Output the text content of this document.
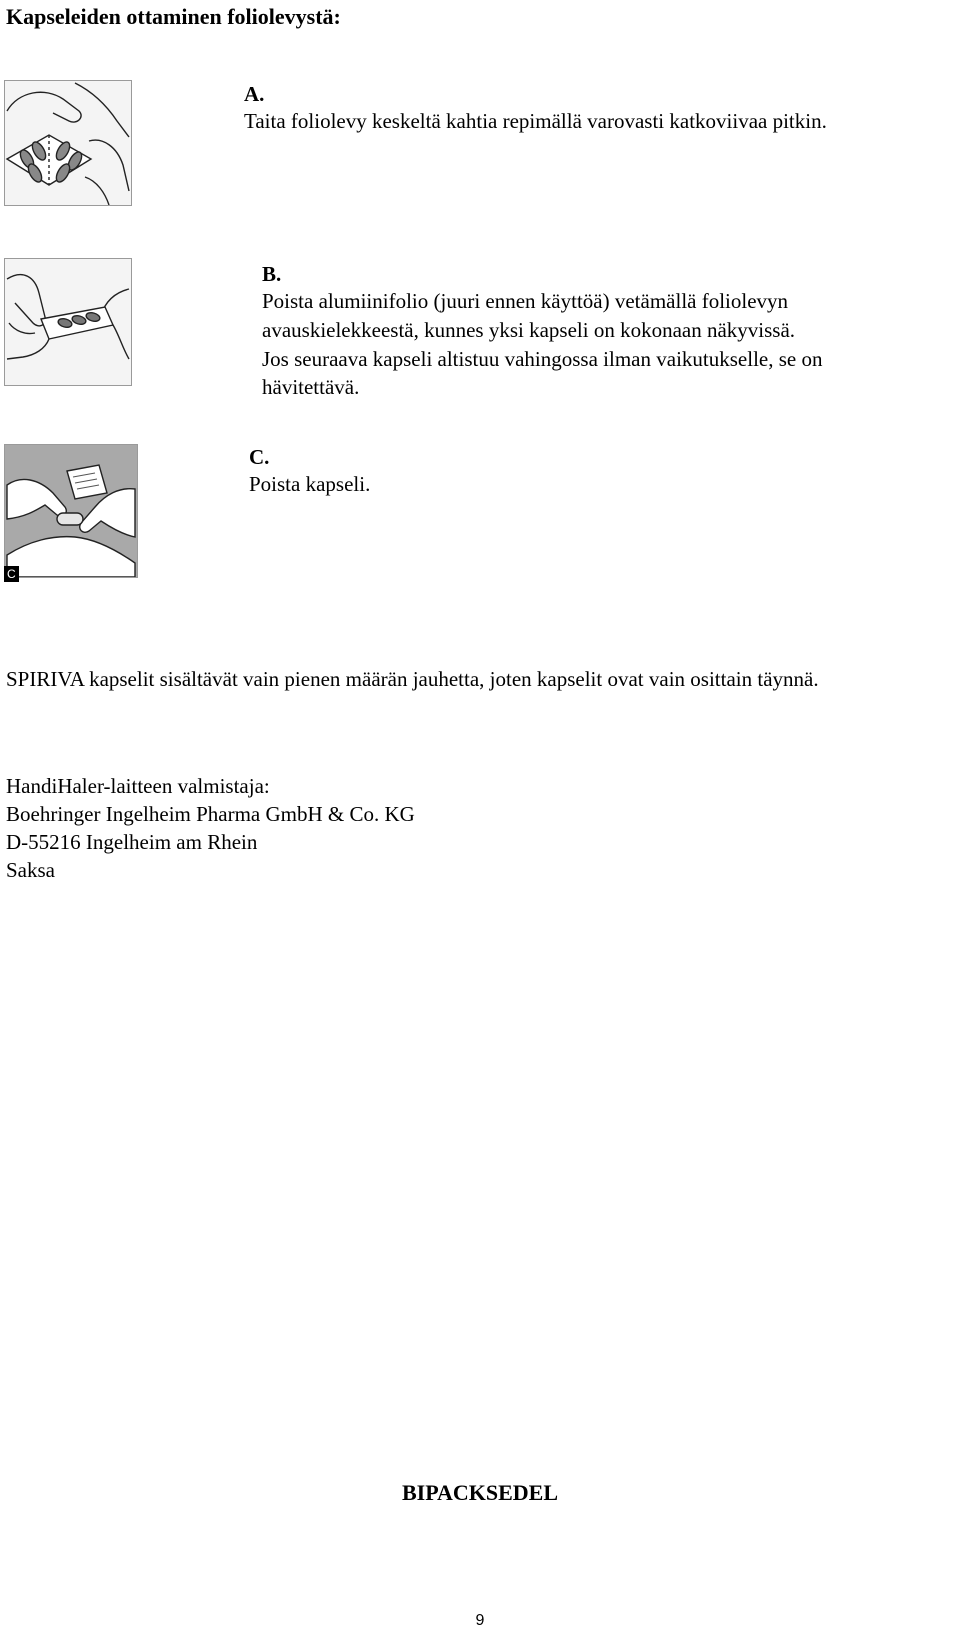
Kapseleiden ottaminen foliolevystä:
A.
Taita foliolevy keskeltä kahtia repimällä varovasti katkoviivaa pitkin.
B.
Poista alumiinifolio (juuri ennen käyttöä) vetämällä foliolevyn
avauskielekkeestä, kunnes yksi kapseli on kokonaan näkyvissä.
Jos seuraava kapseli altistuu vahingossa ilman vaikutukselle, se on
hävitettävä.
C
C.
Poista kapseli.
SPIRIVA kapselit sisältävät vain pienen määrän jauhetta, joten kapselit ovat vain osittain täynnä.
HandiHaler-laitteen valmistaja:
Boehringer Ingelheim Pharma GmbH & Co. KG
D-55216 Ingelheim am Rhein
Saksa
BIPACKSEDEL
9
